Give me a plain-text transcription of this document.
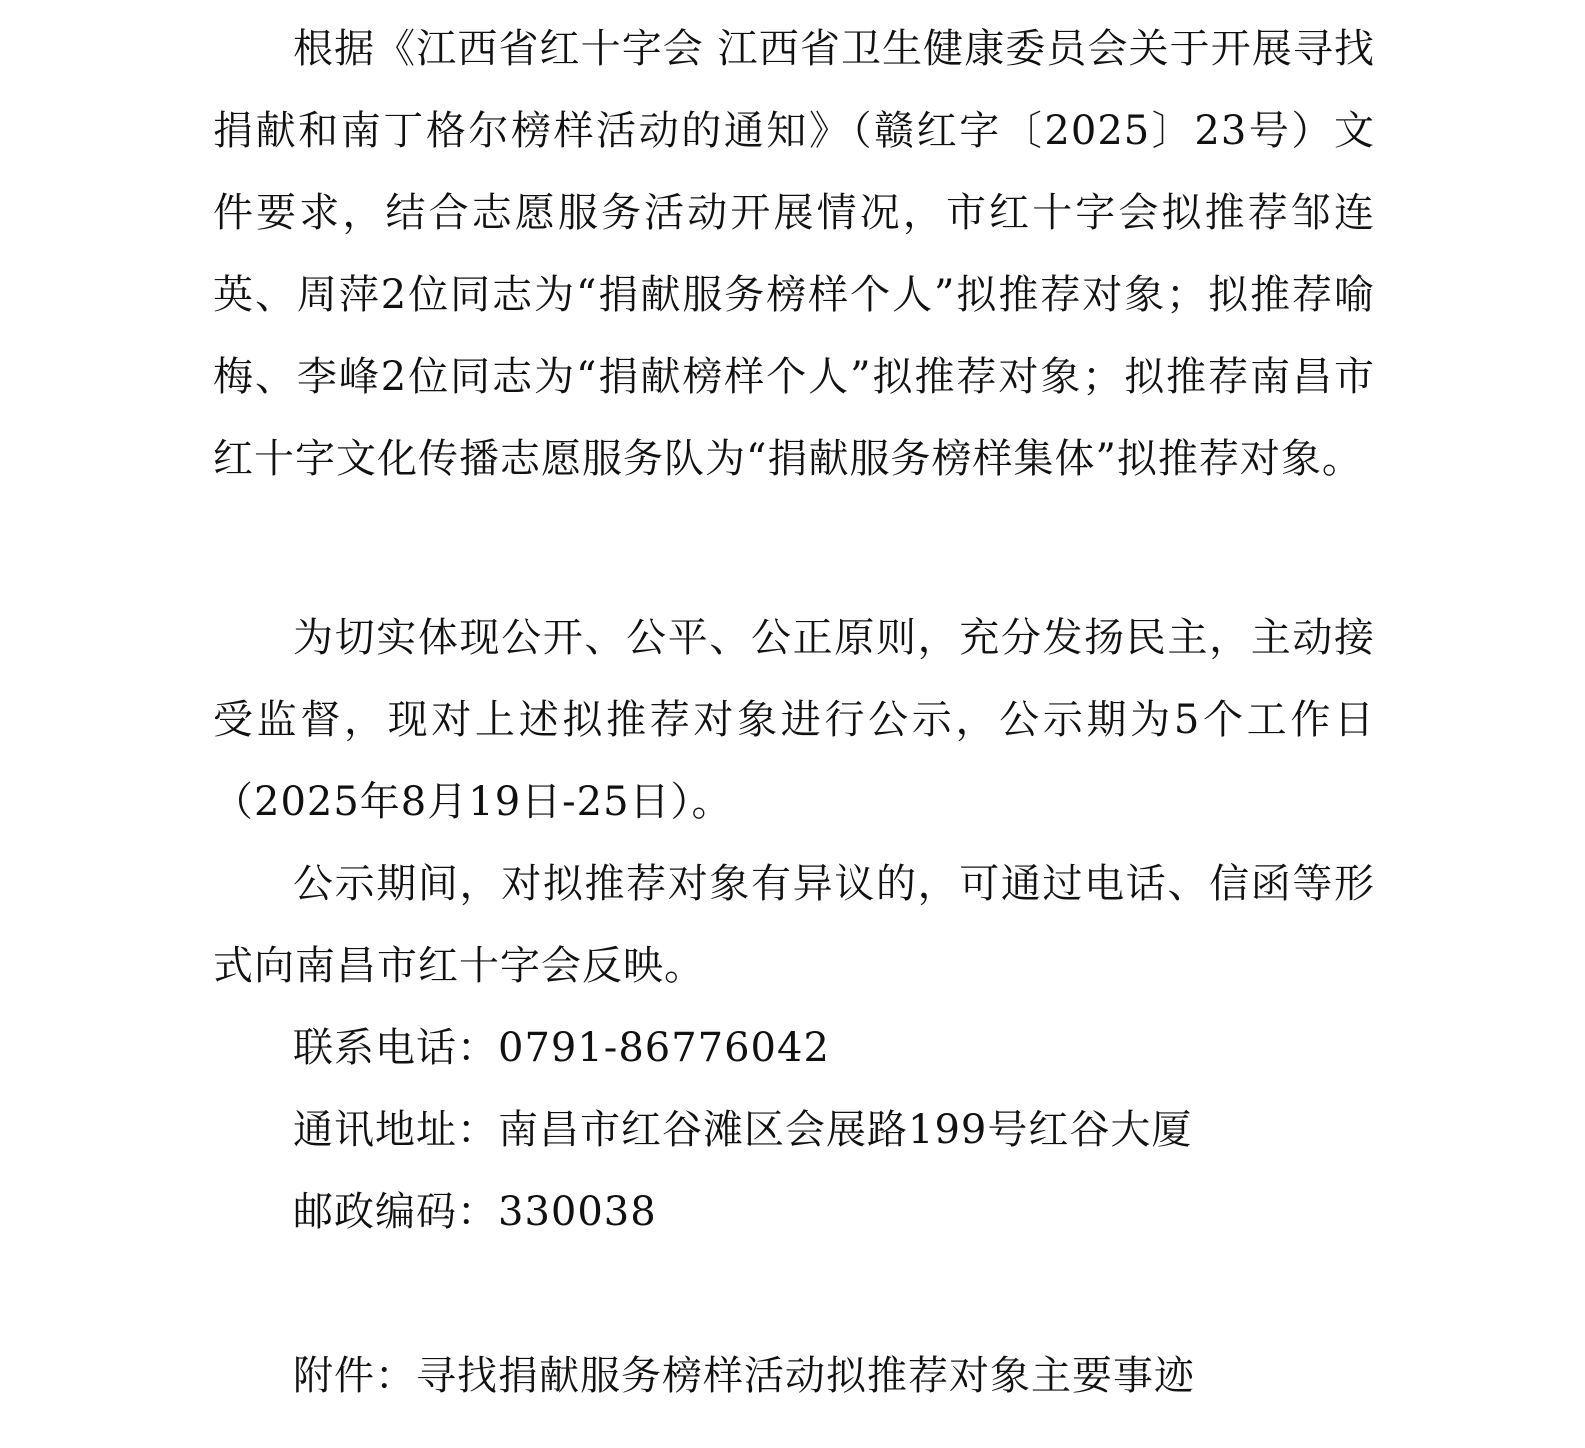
根据《江西省红十字会 江西省卫生健康委员会关于开展寻找捐献和南丁格尔榜样活动的通知》（赣红字〔2025〕23号）文件要求，结合志愿服务活动开展情况，市红十字会拟推荐邹连英、周萍2位同志为“捐献服务榜样个人”拟推荐对象；拟推荐喻梅、李峰2位同志为“捐献榜样个人”拟推荐对象；拟推荐南昌市红十字文化传播志愿服务队为“捐献服务榜样集体”拟推荐对象。

为切实体现公开、公平、公正原则，充分发扬民主，主动接受监督，现对上述拟推荐对象进行公示，公示期为5个工作日（2025年8月19日-25日）。

公示期间，对拟推荐对象有异议的，可通过电话、信函等形式向南昌市红十字会反映。

联系电话：0791-86776042
通讯地址：南昌市红谷滩区会展路199号红谷大厦
邮政编码：330038
附件：寻找捐献服务榜样活动拟推荐对象主要事迹
